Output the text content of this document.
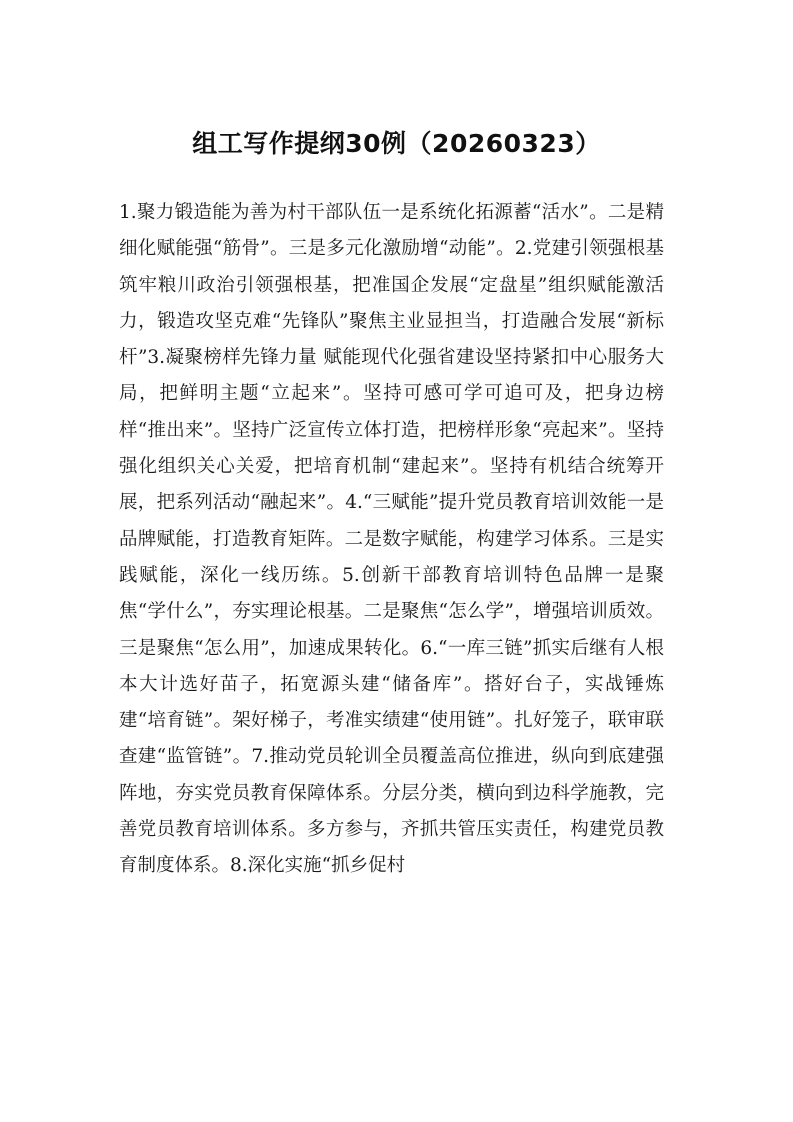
组工写作提纲30例（20260323）

1.聚力锻造能为善为村干部队伍一是系统化拓源蓄“活水”。二是精细化赋能强“筋骨”。三是多元化激励增“动能”。2.党建引领强根基 筑牢粮川政治引领强根基，把准国企发展“定盘星”组织赋能激活力，锻造攻坚克难“先锋队”聚焦主业显担当，打造融合发展“新标杆”3.凝聚榜样先锋力量 赋能现代化强省建设坚持紧扣中心服务大局，把鲜明主题“立起来”。坚持可感可学可追可及，把身边榜样“推出来”。坚持广泛宣传立体打造，把榜样形象“亮起来”。坚持强化组织关心关爱，把培育机制“建起来”。坚持有机结合统筹开展，把系列活动“融起来”。4.“三赋能”提升党员教育培训效能一是品牌赋能，打造教育矩阵。二是数字赋能，构建学习体系。三是实践赋能，深化一线历练。5.创新干部教育培训特色品牌一是聚焦“学什么”，夯实理论根基。二是聚焦“怎么学”，增强培训质效。三是聚焦“怎么用”，加速成果转化。6.“一库三链”抓实后继有人根本大计选好苗子，拓宽源头建“储备库”。搭好台子，实战锤炼建“培育链”。架好梯子，考准实绩建“使用链”。扎好笼子，联审联查建“监管链”。7.推动党员轮训全员覆盖高位推进，纵向到底建强阵地，夯实党员教育保障体系。分层分类，横向到边科学施教，完善党员教育培训体系。多方参与，齐抓共管压实责任，构建党员教育制度体系。8.深化实施“抓乡促村
